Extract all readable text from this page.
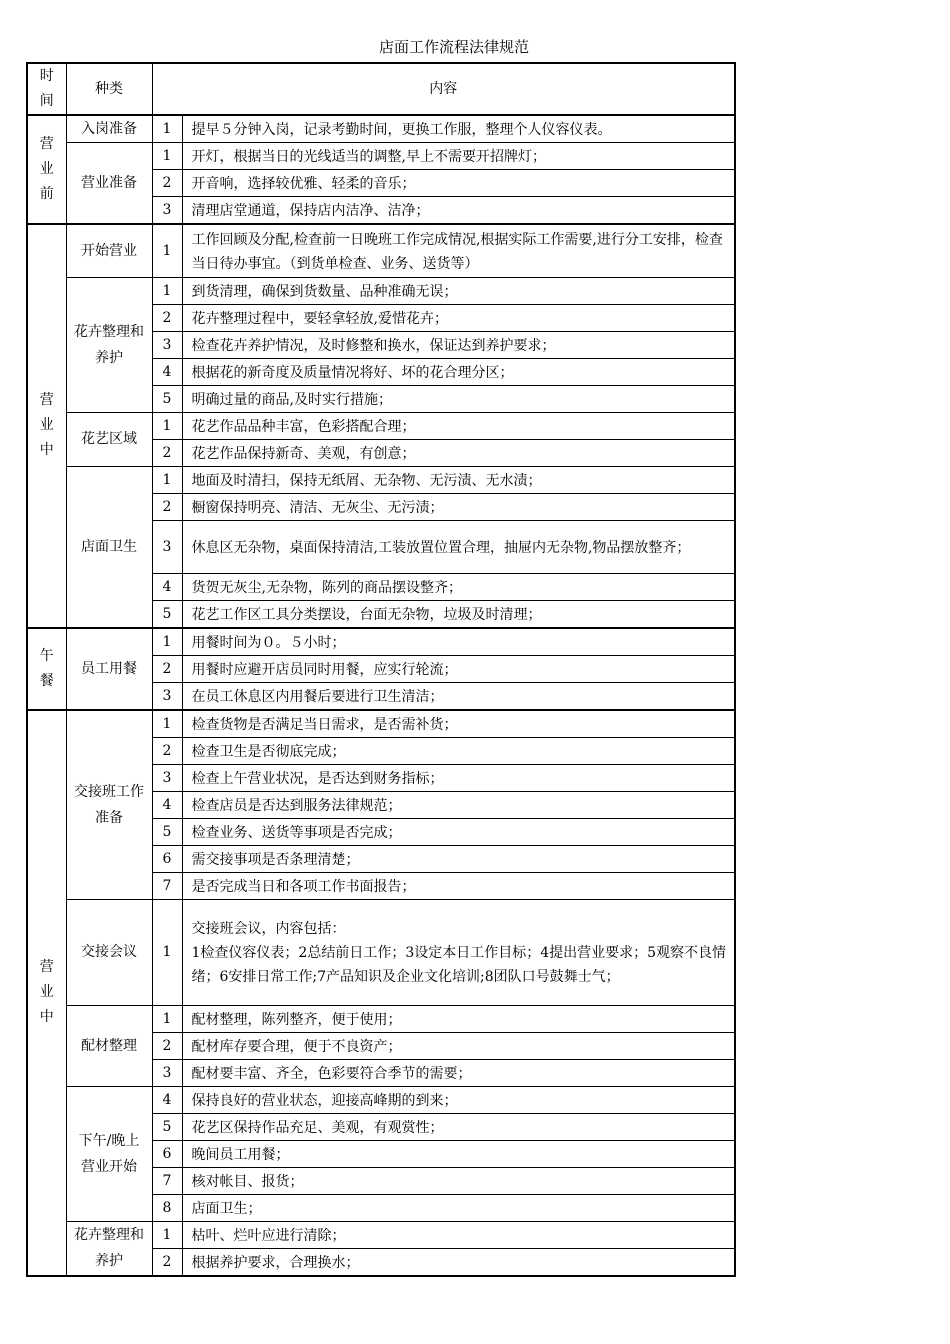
店面工作流程法律规范
时间	种类	内容	
营业前	入岗准备	1	提早５分钟入岗，记录考勤时间，更换工作服，整理个人仪容仪表。
	营业准备	1	开灯，根据当日的光线适当的调整,早上不需要开招牌灯；
		2	开音响，选择较优雅、轻柔的音乐；
		3	清理店堂通道，保持店内洁净、洁净；
营业中	开始营业	1	工作回顾及分配,检查前一日晚班工作完成情况,根据实际工作需要,进行分工安排，检查当日待办事宜。（到货单检查、业务、送货等）
	花卉整理和养护	1	到货清理，确保到货数量、品种准确无误；
		2	花卉整理过程中，要轻拿轻放,爱惜花卉；
		3	检查花卉养护情况，及时修整和换水，保证达到养护要求；
		4	根据花的新奇度及质量情况将好、坏的花合理分区；
		5	明确过量的商品,及时实行措施；
	花艺区域	1	花艺作品品种丰富，色彩搭配合理；
		2	花艺作品保持新奇、美观，有创意；
	店面卫生	1	地面及时清扫，保持无纸屑、无杂物、无污渍、无水渍；
		2	橱窗保持明亮、清洁、无灰尘、无污渍；
		3	休息区无杂物，桌面保持清洁,工装放置位置合理，抽屉内无杂物,物品摆放整齐；
		4	货贺无灰尘,无杂物，陈列的商品摆设整齐；
		5	花艺工作区工具分类摆设，台面无杂物，垃圾及时清理；
午餐	员工用餐	1	用餐时间为０。５小时；
		2	用餐时应避开店员同时用餐，应实行轮流；
		3	在员工休息区内用餐后要进行卫生清洁；
营业中	交接班工作准备	1	检查货物是否满足当日需求，是否需补货；
		2	检查卫生是否彻底完成；
		3	检查上午营业状况，是否达到财务指标；
		4	检查店员是否达到服务法律规范；
		5	检查业务、送货等事项是否完成；
		6	需交接事项是否条理清楚；
		7	是否完成当日和各项工作书面报告；
	交接会议	1	交接班会议，内容包括：
1检查仪容仪表；2总结前日工作；3设定本日工作目标；4提出营业要求；5观察不良情绪；6安排日常工作;7产品知识及企业文化培训;8团队口号鼓舞士气；
	配材整理	1	配材整理，陈列整齐，便于使用；
		2	配材库存要合理，便于不良资产；
		3	配材要丰富、齐全，色彩要符合季节的需要；
	下午/晚上营业开始	4	保持良好的营业状态，迎接高峰期的到来；
		5	花艺区保持作品充足、美观，有观赏性；
		6	晚间员工用餐；
		7	核对帐目、报货；
		8	店面卫生；
	花卉整理和养护	1	枯叶、烂叶应进行清除；
		2	根据养护要求，合理换水；
